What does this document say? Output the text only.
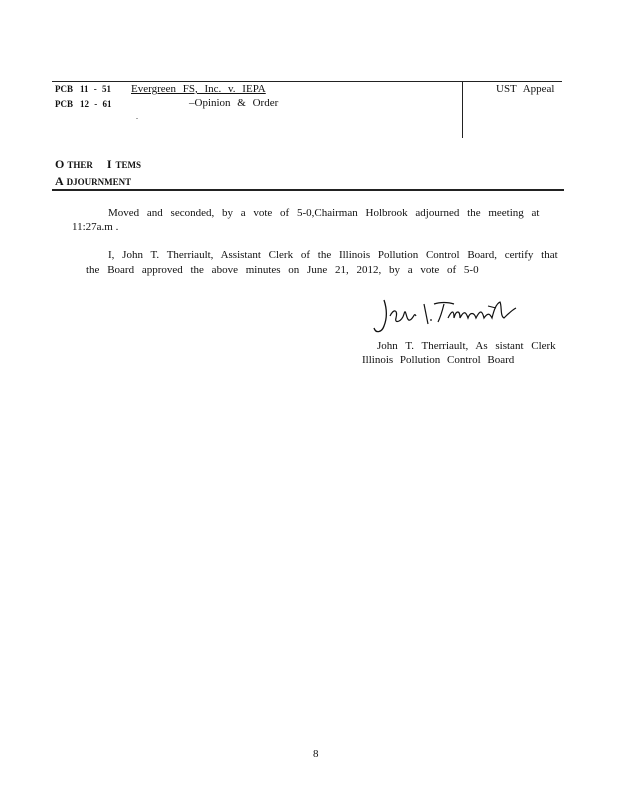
PCB 11 - 51 Evergreen FS, Inc. v. IEPA	UST Appeal
PCB 12 - 61	–Opinion & Order
.
O THER I TEMS
A DJOURNMENT
Moved and seconded, by a vote of 5-0,Chairman Holbrook adjourned the meeting at
11:27a.m .
I, John T. Therriault, Assistant Clerk of the Illinois Pollution Control Board, certify that
the Board approved the above minutes on June 21, 2012, by a vote of 5-0
John T. Therriault, As sistant Clerk
Illinois Pollution Control Board
8
